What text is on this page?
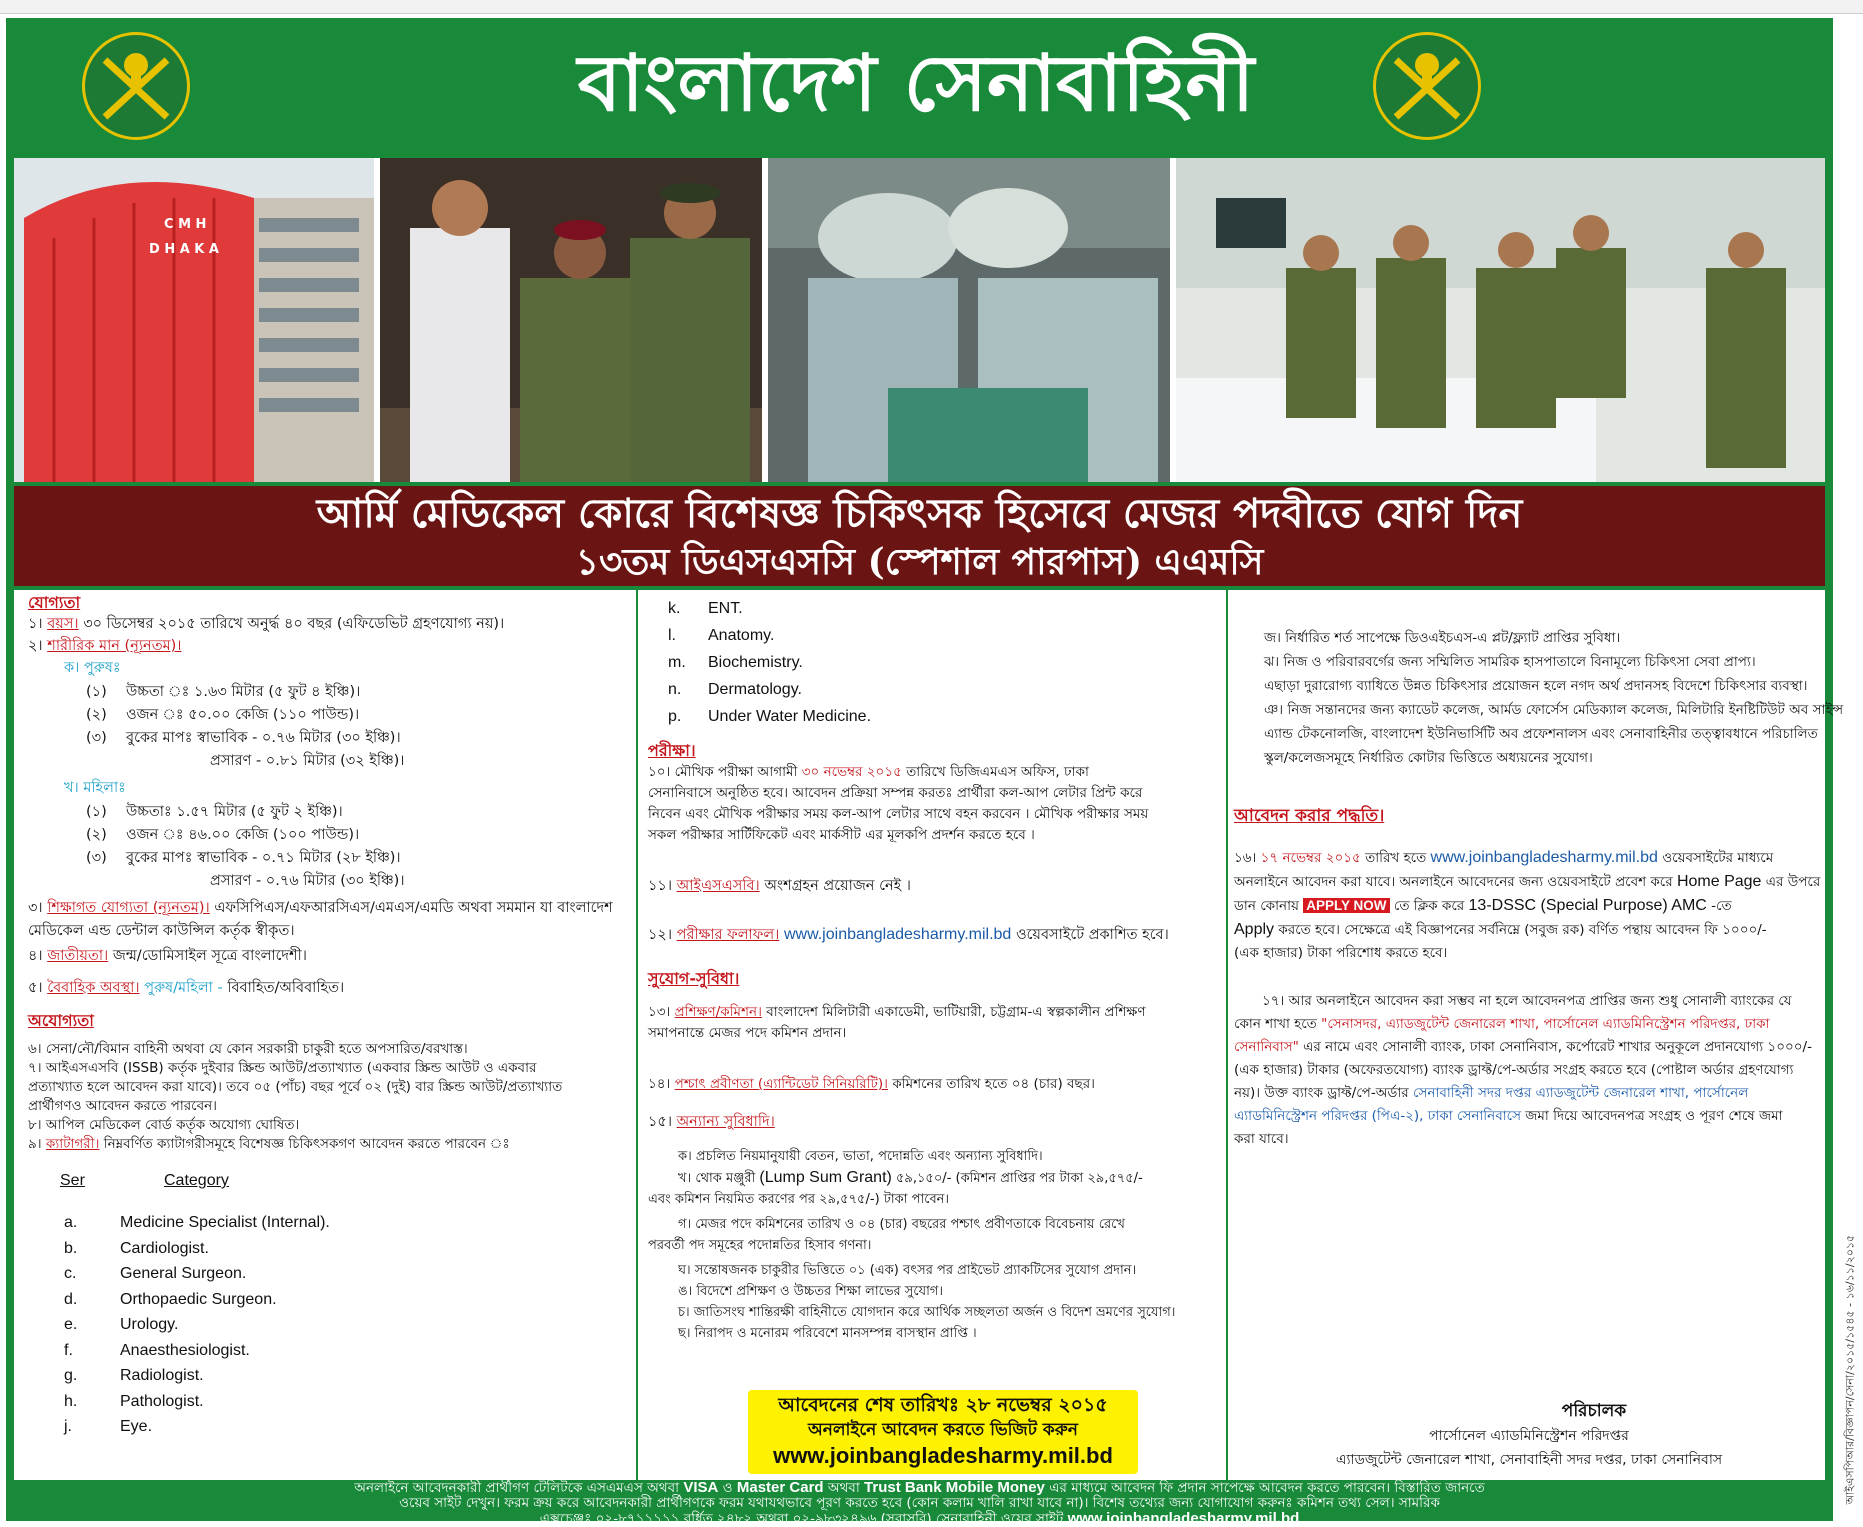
বাংলাদেশ সেনাবাহিনী
C M H
D H A K A
আর্মি মেডিকেল কোরে বিশেষজ্ঞ চিকিৎসক হিসেবে মেজর পদবীতে যোগ দিন
১৩তম ডিএসএসসি (স্পেশাল পারপাস) এএমসি
যোগ্যতা
১। বয়স। ৩০ ডিসেম্বর ২০১৫ তারিখে অনুর্দ্ধ ৪০ বছর (এফিডেভিট গ্রহণযোগ্য নয়)।
২। শারীরিক মান (ন্যূনতম)।
ক। পুরুষঃ
(১) উচ্চতা ঃ ১.৬৩ মিটার (৫ ফুট ৪ ইঞ্চি)।
(২) ওজন ঃ ৫০.০০ কেজি (১১০ পাউন্ড)।
(৩) বুকের মাপঃ স্বাভাবিক - ০.৭৬ মিটার (৩০ ইঞ্চি)।
প্রসারণ - ০.৮১ মিটার (৩২ ইঞ্চি)।
খ। মহিলাঃ
(১) উচ্চতাঃ ১.৫৭ মিটার (৫ ফুট ২ ইঞ্চি)।
(২) ওজন ঃ ৪৬.০০ কেজি (১০০ পাউন্ড)।
(৩) বুকের মাপঃ স্বাভাবিক - ০.৭১ মিটার (২৮ ইঞ্চি)।
প্রসারণ - ০.৭৬ মিটার (৩০ ইঞ্চি)।
৩। শিক্ষাগত যোগ্যতা (ন্যূনতম)। এফসিপিএস/এফআরসিএস/এমএস/এমডি অথবা সমমান যা বাংলাদেশ
মেডিকেল এন্ড ডেন্টাল কাউন্সিল কর্তৃক স্বীকৃত।
৪। জাতীয়তা। জন্ম/ডোমিসাইল সূত্রে বাংলাদেশী।
৫। বৈবাহিক অবস্থা। পুরুষ/মহিলা - বিবাহিত/অবিবাহিত।
অযোগ্যতা
৬। সেনা/নৌ/বিমান বাহিনী অথবা যে কোন সরকারী চাকুরী হতে অপসারিত/বরখাস্ত।
৭। আইএসএসবি (ISSB) কর্তৃক দুইবার স্ক্রিন্ড আউট/প্রত্যাখ্যাত (একবার স্ক্রিন্ড আউট ও একবার
প্রত্যাখ্যাত হলে আবেদন করা যাবে)। তবে ০৫ (পাঁচ) বছর পূর্বে ০২ (দুই) বার স্ক্রিন্ড আউট/প্রত্যাখ্যাত
প্রার্থীগণও আবেদন করতে পারবেন।
৮। আপিল মেডিকেল বোর্ড কর্তৃক অযোগ্য ঘোষিত।
৯। ক্যাটাগরী। নিম্নবর্ণিত ক্যাটাগরীসমূহে বিশেষজ্ঞ চিকিৎসকগণ আবেদন করতে পারবেন ঃ
Ser	Category
a.	Medicine Specialist (Internal).
b.	Cardiologist.
c.	General Surgeon.
d.	Orthopaedic Surgeon.
e.	Urology.
f.	Anaesthesiologist.
g.	Radiologist.
h.	Pathologist.
j.	Eye.
k. ENT.
l. Anatomy.
m. Biochemistry.
n. Dermatology.
p. Under Water Medicine.
পরীক্ষা।
১০। মৌখিক পরীক্ষা আগামী ৩০ নভেম্বর ২০১৫ তারিখে ডিজিএমএস অফিস, ঢাকা
সেনানিবাসে অনুষ্ঠিত হবে। আবেদন প্রক্রিয়া সম্পন্ন করতঃ প্রার্থীরা কল-আপ লেটার প্রিন্ট করে
নিবেন এবং মৌখিক পরীক্ষার সময় কল-আপ লেটার সাথে বহন করবেন । মৌখিক পরীক্ষার সময়
সকল পরীক্ষার সার্টিফিকেট এবং মার্কসীট এর মূলকপি প্রদর্শন করতে হবে ।
১১। আইএসএসবি। অংশগ্রহন প্রয়োজন নেই ।
১২। পরীক্ষার ফলাফল। www.joinbangladesharmy.mil.bd ওয়েবসাইটে প্রকাশিত হবে।
সুযোগ-সুবিধা।
১৩। প্রশিক্ষণ/কমিশন। বাংলাদেশ মিলিটারী একাডেমী, ভাটিয়ারী, চট্টগ্রাম-এ স্বল্পকালীন প্রশিক্ষণ
সমাপনান্তে মেজর পদে কমিশন প্রদান।
১৪। পশ্চাৎ প্রবীণতা (এ্যান্টিডেট সিনিয়রিটি)। কমিশনের তারিখ হতে ০৪ (চার) বছর।
১৫। অন্যান্য সুবিধাদি।
ক। প্রচলিত নিয়মানুযায়ী বেতন, ভাতা, পদোন্নতি এবং অন্যান্য সুবিধাদি।
খ। থোক মঞ্জুরী (Lump Sum Grant) ৫৯,১৫০/- (কমিশন প্রাপ্তির পর টাকা ২৯,৫৭৫/-
এবং কমিশন নিয়মিত করণের পর ২৯,৫৭৫/-) টাকা পাবেন।
গ। মেজর পদে কমিশনের তারিখ ও ০৪ (চার) বছরের পশ্চাৎ প্রবীণতাকে বিবেচনায় রেখে
পরবর্তী পদ সমূহের পদোন্নতির হিসাব গণনা।
ঘ। সন্তোষজনক চাকুরীর ভিত্তিতে ০১ (এক) বৎসর পর প্রাইভেট প্র্যাকটিসের সুযোগ প্রদান।
ঙ। বিদেশে প্রশিক্ষণ ও উচ্চতর শিক্ষা লাভের সুযোগ।
চ। জাতিসংঘ শান্তিরক্ষী বাহিনীতে যোগদান করে আর্থিক সচ্ছলতা অর্জন ও বিদেশ ভ্রমণের সুযোগ।
ছ। নিরাপদ ও মনোরম পরিবেশে মানসম্পন্ন বাসস্থান প্রাপ্তি ।
আবেদনের শেষ তারিখঃ ২৮ নভেম্বর ২০১৫
অনলাইনে আবেদন করতে ভিজিট করুন
www.joinbangladesharmy.mil.bd
জ। নির্ধারিত শর্ত সাপেক্ষে ডিওএইচএস-এ প্লট/ফ্ল্যাট প্রাপ্তির সুবিধা।
ঝ। নিজ ও পরিবারবর্গের জন্য সম্মিলিত সামরিক হাসপাতালে বিনামূল্যে চিকিৎসা সেবা প্রাপ্য।
এছাড়া দুরারোগ্য ব্যাধিতে উন্নত চিকিৎসার প্রয়োজন হলে নগদ অর্থ প্রদানসহ বিদেশে চিকিৎসার ব্যবস্থা।
ঞ। নিজ সন্তানদের জন্য ক্যাডেট কলেজ, আর্মড ফোর্সেস মেডিক্যাল কলেজ, মিলিটারি ইনষ্টিটিউট অব সাইন্স
এ্যান্ড টেকনোলজি, বাংলাদেশ ইউনিভার্সিটি অব প্রফেশনালস এবং সেনাবাহিনীর তত্ত্বাবধানে পরিচালিত
স্কুল/কলেজসমূহে নির্ধারিত কোটার ভিত্তিতে অধ্যয়নের সুযোগ।
আবেদন করার পদ্ধতি।
১৬। ১৭ নভেম্বর ২০১৫ তারিখ হতে www.joinbangladesharmy.mil.bd ওয়েবসাইটের মাধ্যমে
অনলাইনে আবেদন করা যাবে। অনলাইনে আবেদনের জন্য ওয়েবসাইটে প্রবেশ করে Home Page এর উপরে
ডান কোনায় APPLY NOW তে ক্লিক করে 13-DSSC (Special Purpose) AMC -তে
Apply করতে হবে। সেক্ষেত্রে এই বিজ্ঞাপনের সর্বনিম্নে (সবুজ রক) বর্ণিত পন্থায় আবেদন ফি ১০০০/-
(এক হাজার) টাকা পরিশোধ করতে হবে।
১৭। আর অনলাইনে আবেদন করা সম্ভব না হলে আবেদনপত্র প্রাপ্তির জন্য শুধু সোনালী ব্যাংকের যে
কোন শাখা হতে "সেনাসদর, এ্যাডজুটেন্ট জেনারেল শাখা, পার্সোনেল এ্যাডমিনিস্ট্রেশন পরিদপ্তর, ঢাকা
সেনানিবাস" এর নামে এবং সোনালী ব্যাংক, ঢাকা সেনানিবাস, কর্পোরেট শাখার অনুকূলে প্রদানযোগ্য ১০০০/-
(এক হাজার) টাকার (অফেরতযোগ্য) ব্যাংক ড্রাফ্ট/পে-অর্ডার সংগ্রহ করতে হবে (পোষ্টাল অর্ডার গ্রহণযোগ্য
নয়)। উক্ত ব্যাংক ড্রাফ্ট/পে-অর্ডার সেনাবাহিনী সদর দপ্তর এ্যাডজুটেন্ট জেনারেল শাখা, পার্সোনেল
এ্যাডমিনিস্ট্রেশন পরিদপ্তর (পিএ-২), ঢাকা সেনানিবাসে জমা দিয়ে আবেদনপত্র সংগ্রহ ও পূরণ শেষে জমা
করা যাবে।
পরিচালক
পার্সোনেল এ্যাডমিনিস্ট্রেশন পরিদপ্তর
এ্যাডজুটেন্ট জেনারেল শাখা, সেনাবাহিনী সদর দপ্তর, ঢাকা সেনানিবাস
অনলাইনে আবেদনকারী প্রার্থীগণ টেলিটকে এসএমএস অথবা VISA ও Master Card অথবা Trust Bank Mobile Money এর মাধ্যমে আবেদন ফি প্রদান সাপেক্ষে আবেদন করতে পারবেন। বিস্তারিত জানতে
ওয়েব সাইট দেখুন। ফরম ক্রয় করে আবেদনকারী প্রার্থীগণকে ফরম যথাযথভাবে পূরণ করতে হবে (কোন কলাম খালি রাখা যাবে না)। বিশেষ তথ্যের জন্য যোগাযোগ করুনঃ কমিশন তথ্য সেল। সামরিক
এক্সচেঞ্জঃ ০২-৮৭১১১১১ বর্ধিত ২৪৮২ অথবা ০২-৯৮৩২৪৯৬ (সরাসরি) সেনাবাহিনী ওয়েব সাইট www.joinbangladesharmy.mil.bd
আইএসপিআর/বিজ্ঞাপন/সেনা/২০১৫/১৫৪৫ - ১৬/১১/২০১৫
